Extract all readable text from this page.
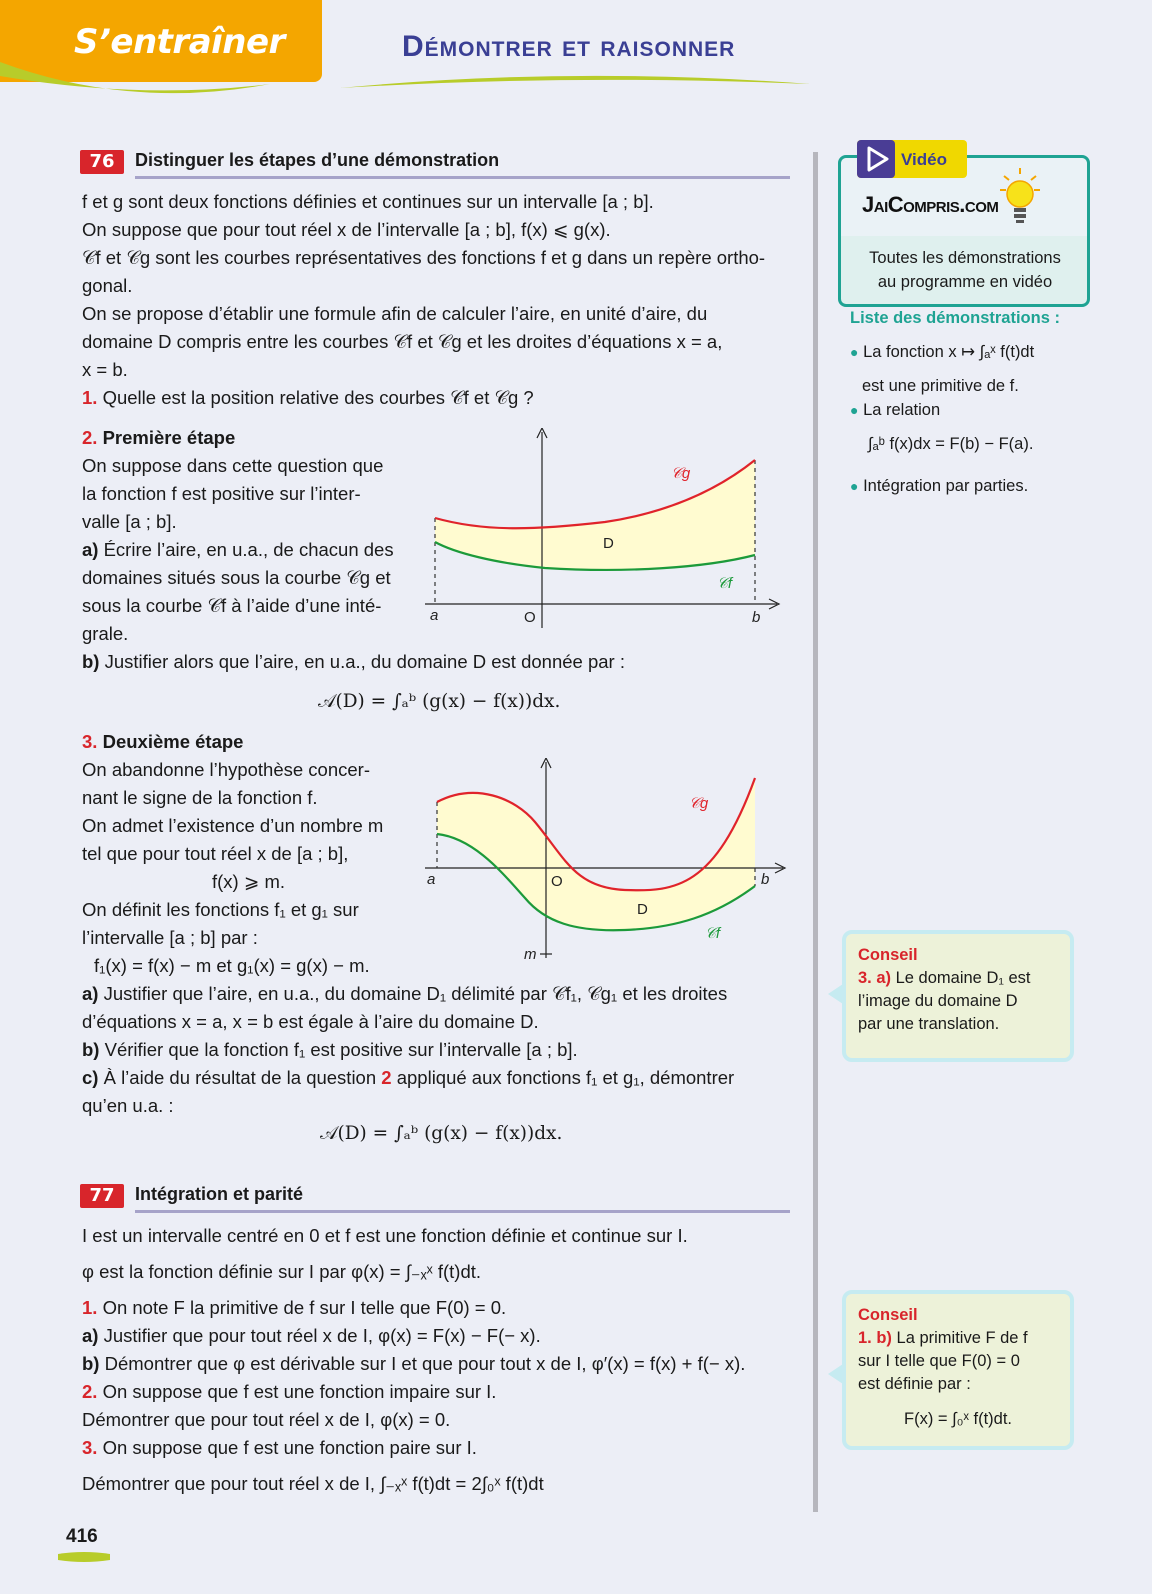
S’entraîner	Démontrer et raisonner
76	Distinguer les étapes d’une démonstration
f et g sont deux fonctions définies et continues sur un intervalle [a ; b].
On suppose que pour tout réel x de l’intervalle [a ; b], f(x) ⩽ g(x).
𝒞f et 𝒞g sont les courbes représentatives des fonctions f et g dans un repère ortho-
gonal.
On se propose d’établir une formule afin de calculer l’aire, en unité d’aire, du
domaine D compris entre les courbes 𝒞f et 𝒞g et les droites d’équations x = a,
x = b.
1. Quelle est la position relative des courbes 𝒞f et 𝒞g ?
2. Première étape
On suppose dans cette question que
la fonction f est positive sur l’inter-
valle [a ; b].
a) Écrire l’aire, en u.a., de chacun des
domaines situés sous la courbe 𝒞g et
sous la courbe 𝒞f à l’aide d’une inté-
grale.
b) Justifier alors que l’aire, en u.a., du domaine D est donnée par :
𝒜(D) = ∫ₐᵇ (g(x) − f(x))dx.
𝒞g
𝒞f
D
a	O	b
3. Deuxième étape
On abandonne l’hypothèse concer-
nant le signe de la fonction f.
On admet l’existence d’un nombre m
tel que pour tout réel x de [a ; b],
f(x) ⩾ m.
On définit les fonctions f₁ et g₁ sur
l’intervalle [a ; b] par :
f₁(x) = f(x) − m et g₁(x) = g(x) − m.
a) Justifier que l’aire, en u.a., du domaine D₁ délimité par 𝒞f₁, 𝒞g₁ et les droites
d’équations x = a, x = b est égale à l’aire du domaine D.
b) Vérifier que la fonction f₁ est positive sur l’intervalle [a ; b].
c) À l’aide du résultat de la question 2 appliqué aux fonctions f₁ et g₁, démontrer
qu’en u.a. :
𝒜(D) = ∫ₐᵇ (g(x) − f(x))dx.
𝒞g
𝒞f
D
a	O	b
m
77	Intégration et parité
I est un intervalle centré en 0 et f est une fonction définie et continue sur I.
φ est la fonction définie sur I par φ(x) = ∫₋ₓˣ f(t)dt.
1. On note F la primitive de f sur I telle que F(0) = 0.
a) Justifier que pour tout réel x de I, φ(x) = F(x) − F(− x).
b) Démontrer que φ est dérivable sur I et que pour tout x de I, φ′(x) = f(x) + f(− x).
2. On suppose que f est une fonction impaire sur I.
Démontrer que pour tout réel x de I, φ(x) = 0.
3. On suppose que f est une fonction paire sur I.
Démontrer que pour tout réel x de I, ∫₋ₓˣ f(t)dt = 2∫₀ˣ f(t)dt
Vidéo
JaiCompris.com
Toutes les démonstrations
au programme en vidéo
Liste des démonstrations :
● La fonction x ↦ ∫ₐˣ f(t)dt
est une primitive de f.
● La relation
∫ₐᵇ f(x)dx = F(b) − F(a).
● Intégration par parties.
Conseil
3. a) Le domaine D₁ est
l’image du domaine D
par une translation.
Conseil
1. b) La primitive F de f
sur I telle que F(0) = 0
est définie par :
F(x) = ∫₀ˣ f(t)dt.
416
